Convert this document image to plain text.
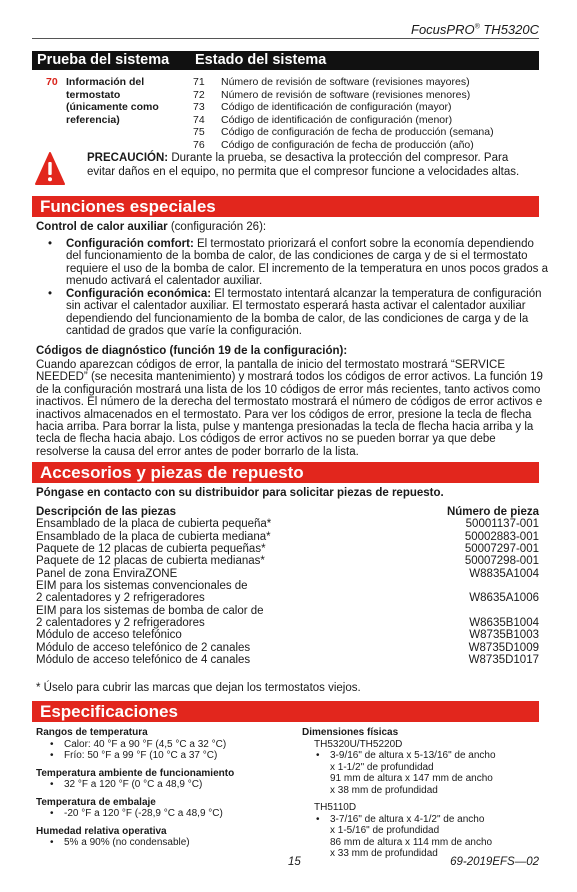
FocusPRO® TH5320C
Prueba del sistema Estado del sistema
70 Información del termostato (únicamente como referencia)
71 Número de revisión de software (revisiones mayores)
72 Número de revisión de software (revisiones menores)
73 Código de identificación de configuración (mayor)
74 Código de identificación de configuración (menor)
75 Código de configuración de fecha de producción (semana)
76 Código de configuración de fecha de producción (año)
PRECAUCIÓN: Durante la prueba, se desactiva la protección del compresor. Para evitar daños en el equipo, no permita que el compresor funcione a velocidades altas.
Funciones especiales
Control de calor auxiliar (configuración 26):
• Configuración comfort: El termostato priorizará el confort sobre la economía dependiendo del funcionamiento de la bomba de calor, de las condiciones de carga y de si el termostato requiere el uso de la bomba de calor. El incremento de la temperatura en unos pocos grados a menudo activará el calentador auxiliar.
• Configuración económica: El termostato intentará alcanzar la temperatura de configuración sin activar el calentador auxiliar. El termostato esperará hasta activar el calentador auxiliar dependiendo del funcionamiento de la bomba de calor, de las condiciones de carga y de la cantidad de grados que varíe la configuración.
Códigos de diagnóstico (función 19 de la configuración):
Cuando aparezcan códigos de error, la pantalla de inicio del termostato mostrará “SERVICE NEEDED” (se necesita mantenimiento) y mostrará todos los códigos de error activos. La función 19 de la configuración mostrará una lista de los 10 códigos de error más recientes, tanto activos como inactivos. El número de la derecha del termostato mostrará el número de códigos de error activos e inactivos almacenados en el termostato. Para ver los códigos de error, presione la tecla de flecha hacia arriba. Para borrar la lista, pulse y mantenga presionadas la tecla de flecha hacia arriba y la tecla de flecha hacia abajo. Los códigos de error activos no se pueden borrar ya que debe resolverse la causa del error antes de poder borrarlo de la lista.
Accesorios y piezas de repuesto
Póngase en contacto con su distribuidor para solicitar piezas de repuesto.
Descripción de las piezas	Número de pieza
Ensamblado de la placa de cubierta pequeña*	50001137-001
Ensamblado de la placa de cubierta mediana*	50002883-001
Paquete de 12 placas de cubierta pequeñas*	50007297-001
Paquete de 12 placas de cubierta medianas*	50007298-001
Panel de zona EnviraZONE	W8835A1004
EIM para los sistemas convencionales de
2 calentadores y 2 refrigeradores	W8635A1006
EIM para los sistemas de bomba de calor de
2 calentadores y 2 refrigeradores	W8635B1004
Módulo de acceso telefónico	W8735B1003
Módulo de acceso telefónico de 2 canales	W8735D1009
Módulo de acceso telefónico de 4 canales	W8735D1017
* Úselo para cubrir las marcas que dejan los termostatos viejos.
Especificaciones
Rangos de temperatura
• Calor: 40 °F a 90 °F (4,5 °C a 32 °C)
• Frío: 50 °F a 99 °F (10 °C a 37 °C)
Temperatura ambiente de funcionamiento
• 32 °F a 120 °F (0 °C a 48,9 °C)
Temperatura de embalaje
• -20 °F a 120 °F (-28,9 °C a 48,9 °C)
Humedad relativa operativa
• 5% a 90% (no condensable)
Dimensiones físicas
TH5320U/TH5220D
• 3-9/16" de altura x 5-13/16" de ancho
x 1-1/2" de profundidad
91 mm de altura x 147 mm de ancho
x 38 mm de profundidad
TH5110D
• 3-7/16" de altura x 4-1/2" de ancho
x 1-5/16" de profundidad
86 mm de altura x 114 mm de ancho
x 33 mm de profundidad
15	69-2019EFS—02
